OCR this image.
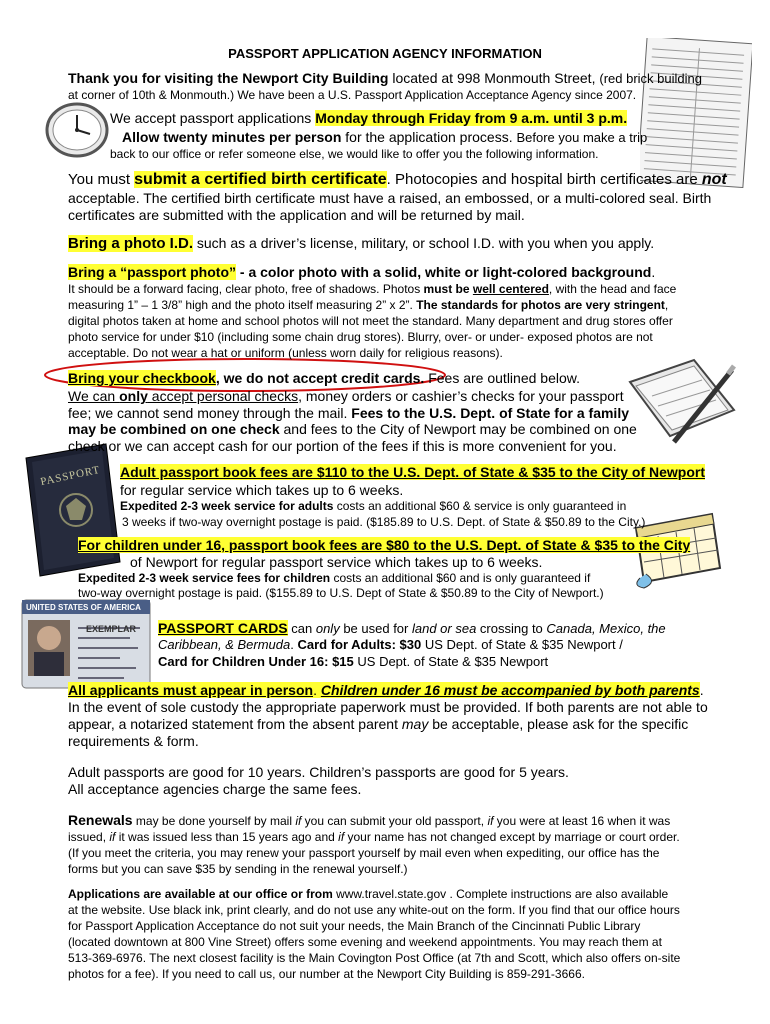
PASSPORT
UNITED STATES OF AMERICA
EXEMPLAR
PASSPORT APPLICATION AGENCY INFORMATION
Thank you for visiting the Newport City Building located at 998 Monmouth Street, (red brick building
at corner of 10th & Monmouth.) We have been a U.S. Passport Application Acceptance Agency since 2007.
We accept passport applications Monday through Friday from 9 a.m. until 3 p.m.
Allow twenty minutes per person for the application process. Before you make a trip
back to our office or refer someone else, we would like to offer you the following information.
You must submit a certified birth certificate. Photocopies and hospital birth certificates are not
acceptable. The certified birth certificate must have a raised, an embossed, or a multi-colored seal. Birth
certificates are submitted with the application and will be returned by mail.
Bring a photo I.D. such as a driver’s license, military, or school I.D. with you when you apply.
Bring a “passport photo” - a color photo with a solid, white or light-colored background.
It should be a forward facing, clear photo, free of shadows. Photos must be well centered, with the head and face
measuring 1” – 1 3/8” high and the photo itself measuring 2” x 2”. The standards for photos are very stringent,
digital photos taken at home and school photos will not meet the standard. Many department and drug stores offer
photo service for under $10 (including some chain drug stores). Blurry, over- or under- exposed photos are not
acceptable. Do not wear a hat or uniform (unless worn daily for religious reasons).
Bring your checkbook, we do not accept credit cards. Fees are outlined below.
We can only accept personal checks, money orders or cashier’s checks for your passport
fee; we cannot send money through the mail. Fees to the U.S. Dept. of State for a family
may be combined on one check and fees to the City of Newport may be combined on one
check or we can accept cash for our portion of the fees if this is more convenient for you.
Adult passport book fees are $110 to the U.S. Dept. of State & $35 to the City of Newport
for regular service which takes up to 6 weeks.
Expedited 2-3 week service for adults costs an additional $60 & service is only guaranteed in
3 weeks if two-way overnight postage is paid. ($185.89 to U.S. Dept. of State & $50.89 to the City.)
For children under 16, passport book fees are $80 to the U.S. Dept. of State & $35 to the City
of Newport for regular passport service which takes up to 6 weeks.
Expedited 2-3 week service fees for children costs an additional $60 and is only guaranteed if
two-way overnight postage is paid. ($155.89 to U.S. Dept of State & $50.89 to the City of Newport.)
PASSPORT CARDS can only be used for land or sea crossing to Canada, Mexico, the
Caribbean, & Bermuda. Card for Adults: $30 US Dept. of State & $35 Newport /
Card for Children Under 16: $15 US Dept. of State & $35 Newport
All applicants must appear in person. Children under 16 must be accompanied by both parents.
In the event of sole custody the appropriate paperwork must be provided. If both parents are not able to
appear, a notarized statement from the absent parent may be acceptable, please ask for the specific
requirements & form.
Adult passports are good for 10 years. Children’s passports are good for 5 years.
All acceptance agencies charge the same fees.
Renewals may be done yourself by mail if you can submit your old passport, if you were at least 16 when it was
issued, if it was issued less than 15 years ago and if your name has not changed except by marriage or court order.
(If you meet the criteria, you may renew your passport yourself by mail even when expediting, our office has the
forms but you can save $35 by sending in the renewal yourself.)
Applications are available at our office or from www.travel.state.gov . Complete instructions are also available
at the website. Use black ink, print clearly, and do not use any white-out on the form. If you find that our office hours
for Passport Application Acceptance do not suit your needs, the Main Branch of the Cincinnati Public Library
(located downtown at 800 Vine Street) offers some evening and weekend appointments. You may reach them at
513-369-6976. The next closest facility is the Main Covington Post Office (at 7th and Scott, which also offers on-site
photos for a fee). If you need to call us, our number at the Newport City Building is 859-291-3666.
